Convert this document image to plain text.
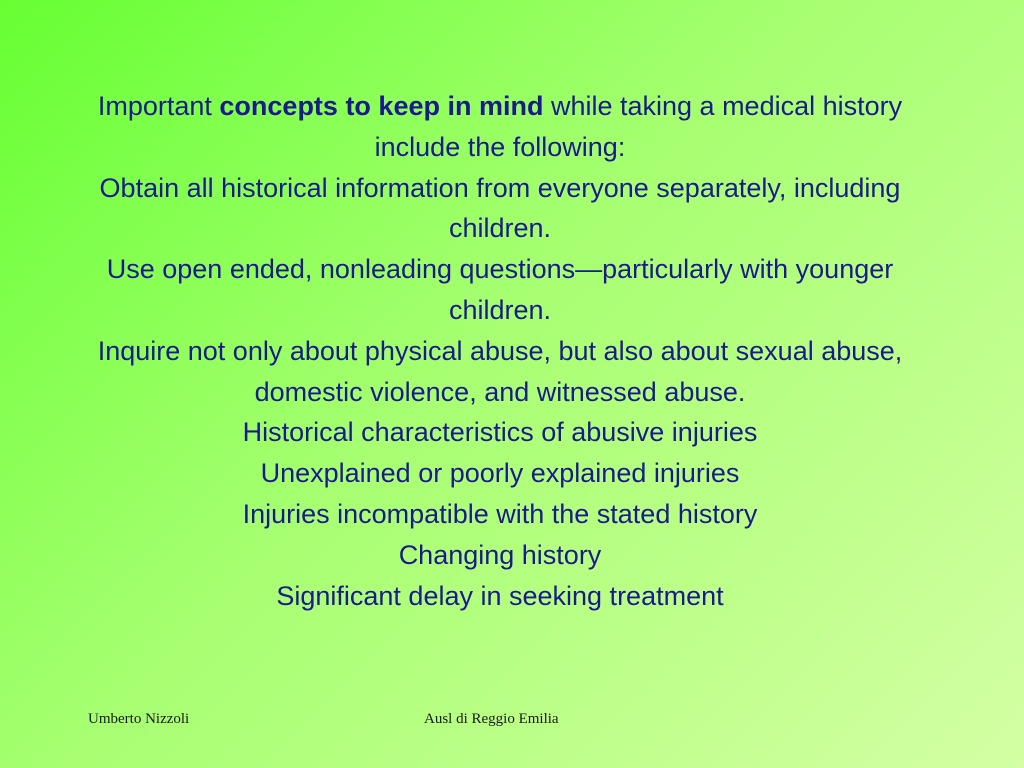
Important concepts to keep in mind while taking a medical history include the following:

Obtain all historical information from everyone separately, including children.

Use open ended, nonleading questions—particularly with younger children.

Inquire not only about physical abuse, but also about sexual abuse, domestic violence, and witnessed abuse.

Historical characteristics of abusive injuries

Unexplained or poorly explained injuries

Injuries incompatible with the stated history

Changing history

Significant delay in seeking treatment

Umberto Nizzoli	Ausl di Reggio Emilia
